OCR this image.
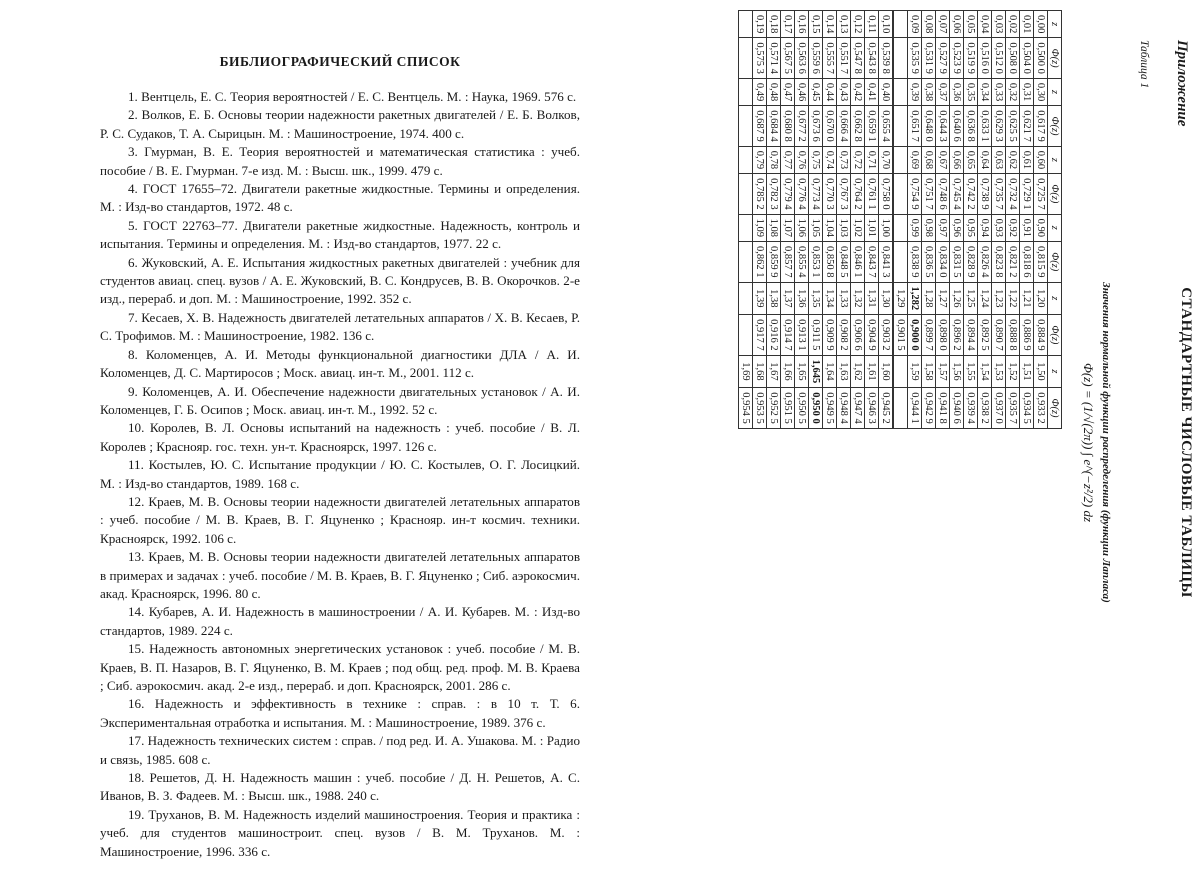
БИБЛИОГРАФИЧЕСКИЙ СПИСОК
1. Вентцель, Е. С. Теория вероятностей / Е. С. Вентцель. М. : Наука, 1969. 576 с.
2. Волков, Е. Б. Основы теории надежности ракетных двигателей / Е. Б. Волков, Р. С. Судаков, Т. А. Сырицын. М. : Машиностроение, 1974. 400 с.
3. Гмурман, В. Е. Теория вероятностей и математическая статистика : учеб. пособие / В. Е. Гмурман. 7-е изд. М. : Высш. шк., 1999. 479 с.
4. ГОСТ 17655–72. Двигатели ракетные жидкостные. Термины и определения. М. : Изд-во стандартов, 1972. 48 с.
5. ГОСТ 22763–77. Двигатели ракетные жидкостные. Надежность, контроль и испытания. Термины и определения. М. : Изд-во стандартов, 1977. 22 с.
6. Жуковский, А. Е. Испытания жидкостных ракетных двигателей : учебник для студентов авиац. спец. вузов / А. Е. Жуковский, В. С. Кондрусев, В. В. Окорочков. 2-е изд., перераб. и доп. М. : Машиностроение, 1992. 352 с.
7. Кесаев, Х. В. Надежность двигателей летательных аппаратов / Х. В. Кесаев, Р. С. Трофимов. М. : Машиностроение, 1982. 136 с.
8. Коломенцев, А. И. Методы функциональной диагностики ДЛА / А. И. Коломенцев, Д. С. Мартиросов ; Моск. авиац. ин-т. М., 2001. 112 с.
9. Коломенцев, А. И. Обеспечение надежности двигательных установок / А. И. Коломенцев, Г. Б. Осипов ; Моск. авиац. ин-т. М., 1992. 52 с.
10. Королев, В. Л. Основы испытаний на надежность : учеб. пособие / В. Л. Королев ; Краснояр. гос. техн. ун-т. Красноярск, 1997. 126 с.
11. Костылев, Ю. С. Испытание продукции / Ю. С. Костылев, О. Г. Лосицкий. М. : Изд-во стандартов, 1989. 168 с.
12. Краев, М. В. Основы теории надежности двигателей летательных аппаратов : учеб. пособие / М. В. Краев, В. Г. Яцуненко ; Краснояр. ин-т космич. техники. Красноярск, 1992. 106 с.
13. Краев, М. В. Основы теории надежности двигателей летательных аппаратов в примерах и задачах : учеб. пособие / М. В. Краев, В. Г. Яцуненко ; Сиб. аэрокосмич. акад. Красноярск, 1996. 80 с.
14. Кубарев, А. И. Надежность в машиностроении / А. И. Кубарев. М. : Изд-во стандартов, 1989. 224 с.
15. Надежность автономных энергетических установок : учеб. пособие / М. В. Краев, В. П. Назаров, В. Г. Яцуненко, В. М. Краев ; под общ. ред. проф. М. В. Краева ; Сиб. аэрокосмич. акад. 2-е изд., перераб. и доп. Красноярск, 2001. 286 с.
16. Надежность и эффективность в технике : справ. : в 10 т. Т. 6. Экспериментальная отработка и испытания. М. : Машиностроение, 1989. 376 с.
17. Надежность технических систем : справ. / под ред. И. А. Ушакова. М. : Радио и связь, 1985. 608 с.
18. Решетов, Д. Н. Надежность машин : учеб. пособие / Д. Н. Решетов, А. С. Иванов, В. З. Фадеев. М. : Высш. шк., 1988. 240 с.
19. Труханов, В. М. Надежность изделий машиностроения. Теория и практика : учеб. для студентов машиностроит. спец. вузов / В. М. Труханов. М. : Машиностроение, 1996. 336 с.
Приложение
Таблица 1
СТАНДАРТНЫЕ ЧИСЛОВЫЕ ТАБЛИЦЫ
Значения нормальной функции распределения (функции Лапласа)
Φ(z) = (1/√(2π)) ∫ e^(−z²/2) dz
z	Φ(z)	z	Φ(z)	z	Φ(z)	z	Φ(z)	z	Φ(z)	z	Φ(z)
0,00	0,500 0	0,30	0,617 9	0,60	0,725 7	0,90	0,815 9	1,20	0,884 9	1,50	0,933 2
0,01	0,504 0	0,31	0,621 7	0,61	0,729 1	0,91	0,818 6	1,21	0,886 9	1,51	0,934 5
0,02	0,508 0	0,32	0,625 5	0,62	0,732 4	0,92	0,821 2	1,22	0,888 8	1,52	0,935 7
0,03	0,512 0	0,33	0,629 3	0,63	0,735 7	0,93	0,823 8	1,23	0,890 7	1,53	0,937 0
0,04	0,516 0	0,34	0,633 1	0,64	0,738 9	0,94	0,826 4	1,24	0,892 5	1,54	0,938 2
0,05	0,519 9	0,35	0,636 8	0,65	0,742 2	0,95	0,828 9	1,25	0,894 4	1,55	0,939 4
0,06	0,523 9	0,36	0,640 6	0,66	0,745 4	0,96	0,831 5	1,26	0,896 2	1,56	0,940 6
0,07	0,527 9	0,37	0,644 3	0,67	0,748 6	0,97	0,834 0	1,27	0,898 0	1,57	0,941 8
0,08	0,531 9	0,38	0,648 0	0,68	0,751 7	0,98	0,836 5	1,28	0,899 7	1,58	0,942 9
0,09	0,535 9	0,39	0,651 7	0,69	0,754 9	0,99	0,838 9	1,282	0,900 0	1,59	0,944 1
								1,29	0,901 5		
0,10	0,539 8	0,40	0,655 4	0,70	0,758 0	1,00	0,841 3	1,30	0,903 2	1,60	0,945 2
0,11	0,543 8	0,41	0,659 1	0,71	0,761 1	1,01	0,843 7	1,31	0,904 9	1,61	0,946 3
0,12	0,547 8	0,42	0,662 8	0,72	0,764 2	1,02	0,846 1	1,32	0,906 6	1,62	0,947 4
0,13	0,551 7	0,43	0,666 4	0,73	0,767 3	1,03	0,848 5	1,33	0,908 2	1,63	0,948 4
0,14	0,555 7	0,44	0,670 0	0,74	0,770 3	1,04	0,850 8	1,34	0,909 9	1,64	0,949 5
0,15	0,559 6	0,45	0,673 6	0,75	0,773 4	1,05	0,853 1	1,35	0,911 5	1,645	0,950 0
0,16	0,563 6	0,46	0,677 2	0,76	0,776 4	1,06	0,855 4	1,36	0,913 1	1,65	0,950 5
0,17	0,567 5	0,47	0,680 8	0,77	0,779 4	1,07	0,857 7	1,37	0,914 7	1,66	0,951 5
0,18	0,571 4	0,48	0,684 4	0,78	0,782 3	1,08	0,859 9	1,38	0,916 2	1,67	0,952 5
0,19	0,575 3	0,49	0,687 9	0,79	0,785 2	1,09	0,862 1	1,39	0,917 7	1,68	0,953 5
										1,69	0,954 5
